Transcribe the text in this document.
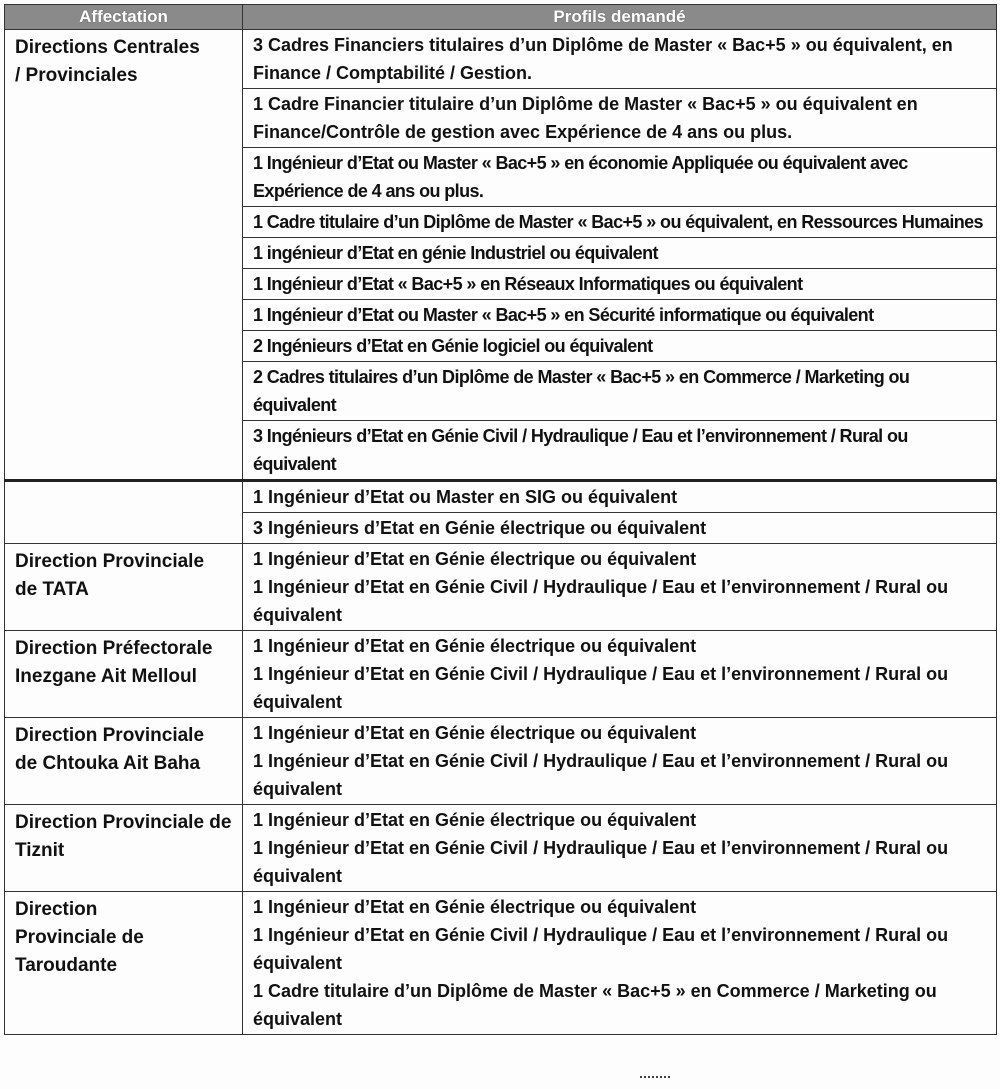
Affectation	Profils demandé
Directions Centrales / Provinciales	3 Cadres Financiers titulaires d’un Diplôme de Master « Bac+5 » ou équivalent, en Finance / Comptabilité / Gestion.
	1 Cadre Financier titulaire d’un Diplôme de Master « Bac+5 » ou équivalent en Finance/Contrôle de gestion avec Expérience de 4 ans ou plus.
	1 Ingénieur d’Etat ou Master « Bac+5 » en économie Appliquée ou équivalent avec Expérience de 4 ans ou plus.
	1 Cadre titulaire d’un Diplôme de Master « Bac+5 » ou équivalent, en Ressources Humaines
	1 ingénieur d’Etat en génie Industriel ou équivalent
	1 Ingénieur d’Etat « Bac+5 » en Réseaux Informatiques ou équivalent
	1 Ingénieur d’Etat ou Master « Bac+5 » en Sécurité informatique ou équivalent
	2 Ingénieurs d’Etat en Génie logiciel ou équivalent
	2 Cadres titulaires d’un Diplôme de Master « Bac+5 » en Commerce / Marketing ou équivalent
	3 Ingénieurs d’Etat en Génie Civil / Hydraulique / Eau et l’environnement / Rural ou équivalent
	1 Ingénieur d’Etat ou Master en SIG ou équivalent
	3 Ingénieurs d’Etat en Génie électrique ou équivalent
Direction Provinciale de TATA	1 Ingénieur d’Etat en Génie électrique ou équivalent
1 Ingénieur d’Etat en Génie Civil / Hydraulique / Eau et l’environnement / Rural ou équivalent

Direction Préfectorale Inezgane Ait Melloul	1 Ingénieur d’Etat en Génie électrique ou équivalent
1 Ingénieur d’Etat en Génie Civil / Hydraulique / Eau et l’environnement / Rural ou équivalent

Direction Provinciale de Chtouka Ait Baha	1 Ingénieur d’Etat en Génie électrique ou équivalent
1 Ingénieur d’Etat en Génie Civil / Hydraulique / Eau et l’environnement / Rural ou équivalent

Direction Provinciale de Tiznit	1 Ingénieur d’Etat en Génie électrique ou équivalent
1 Ingénieur d’Etat en Génie Civil / Hydraulique / Eau et l’environnement / Rural ou équivalent

Direction Provinciale de Taroudante	1 Ingénieur d’Etat en Génie électrique ou équivalent
1 Ingénieur d’Etat en Génie Civil / Hydraulique / Eau et l’environnement / Rural ou équivalent
1 Cadre titulaire d’un Diplôme de Master « Bac+5 » en Commerce / Marketing ou équivalent
